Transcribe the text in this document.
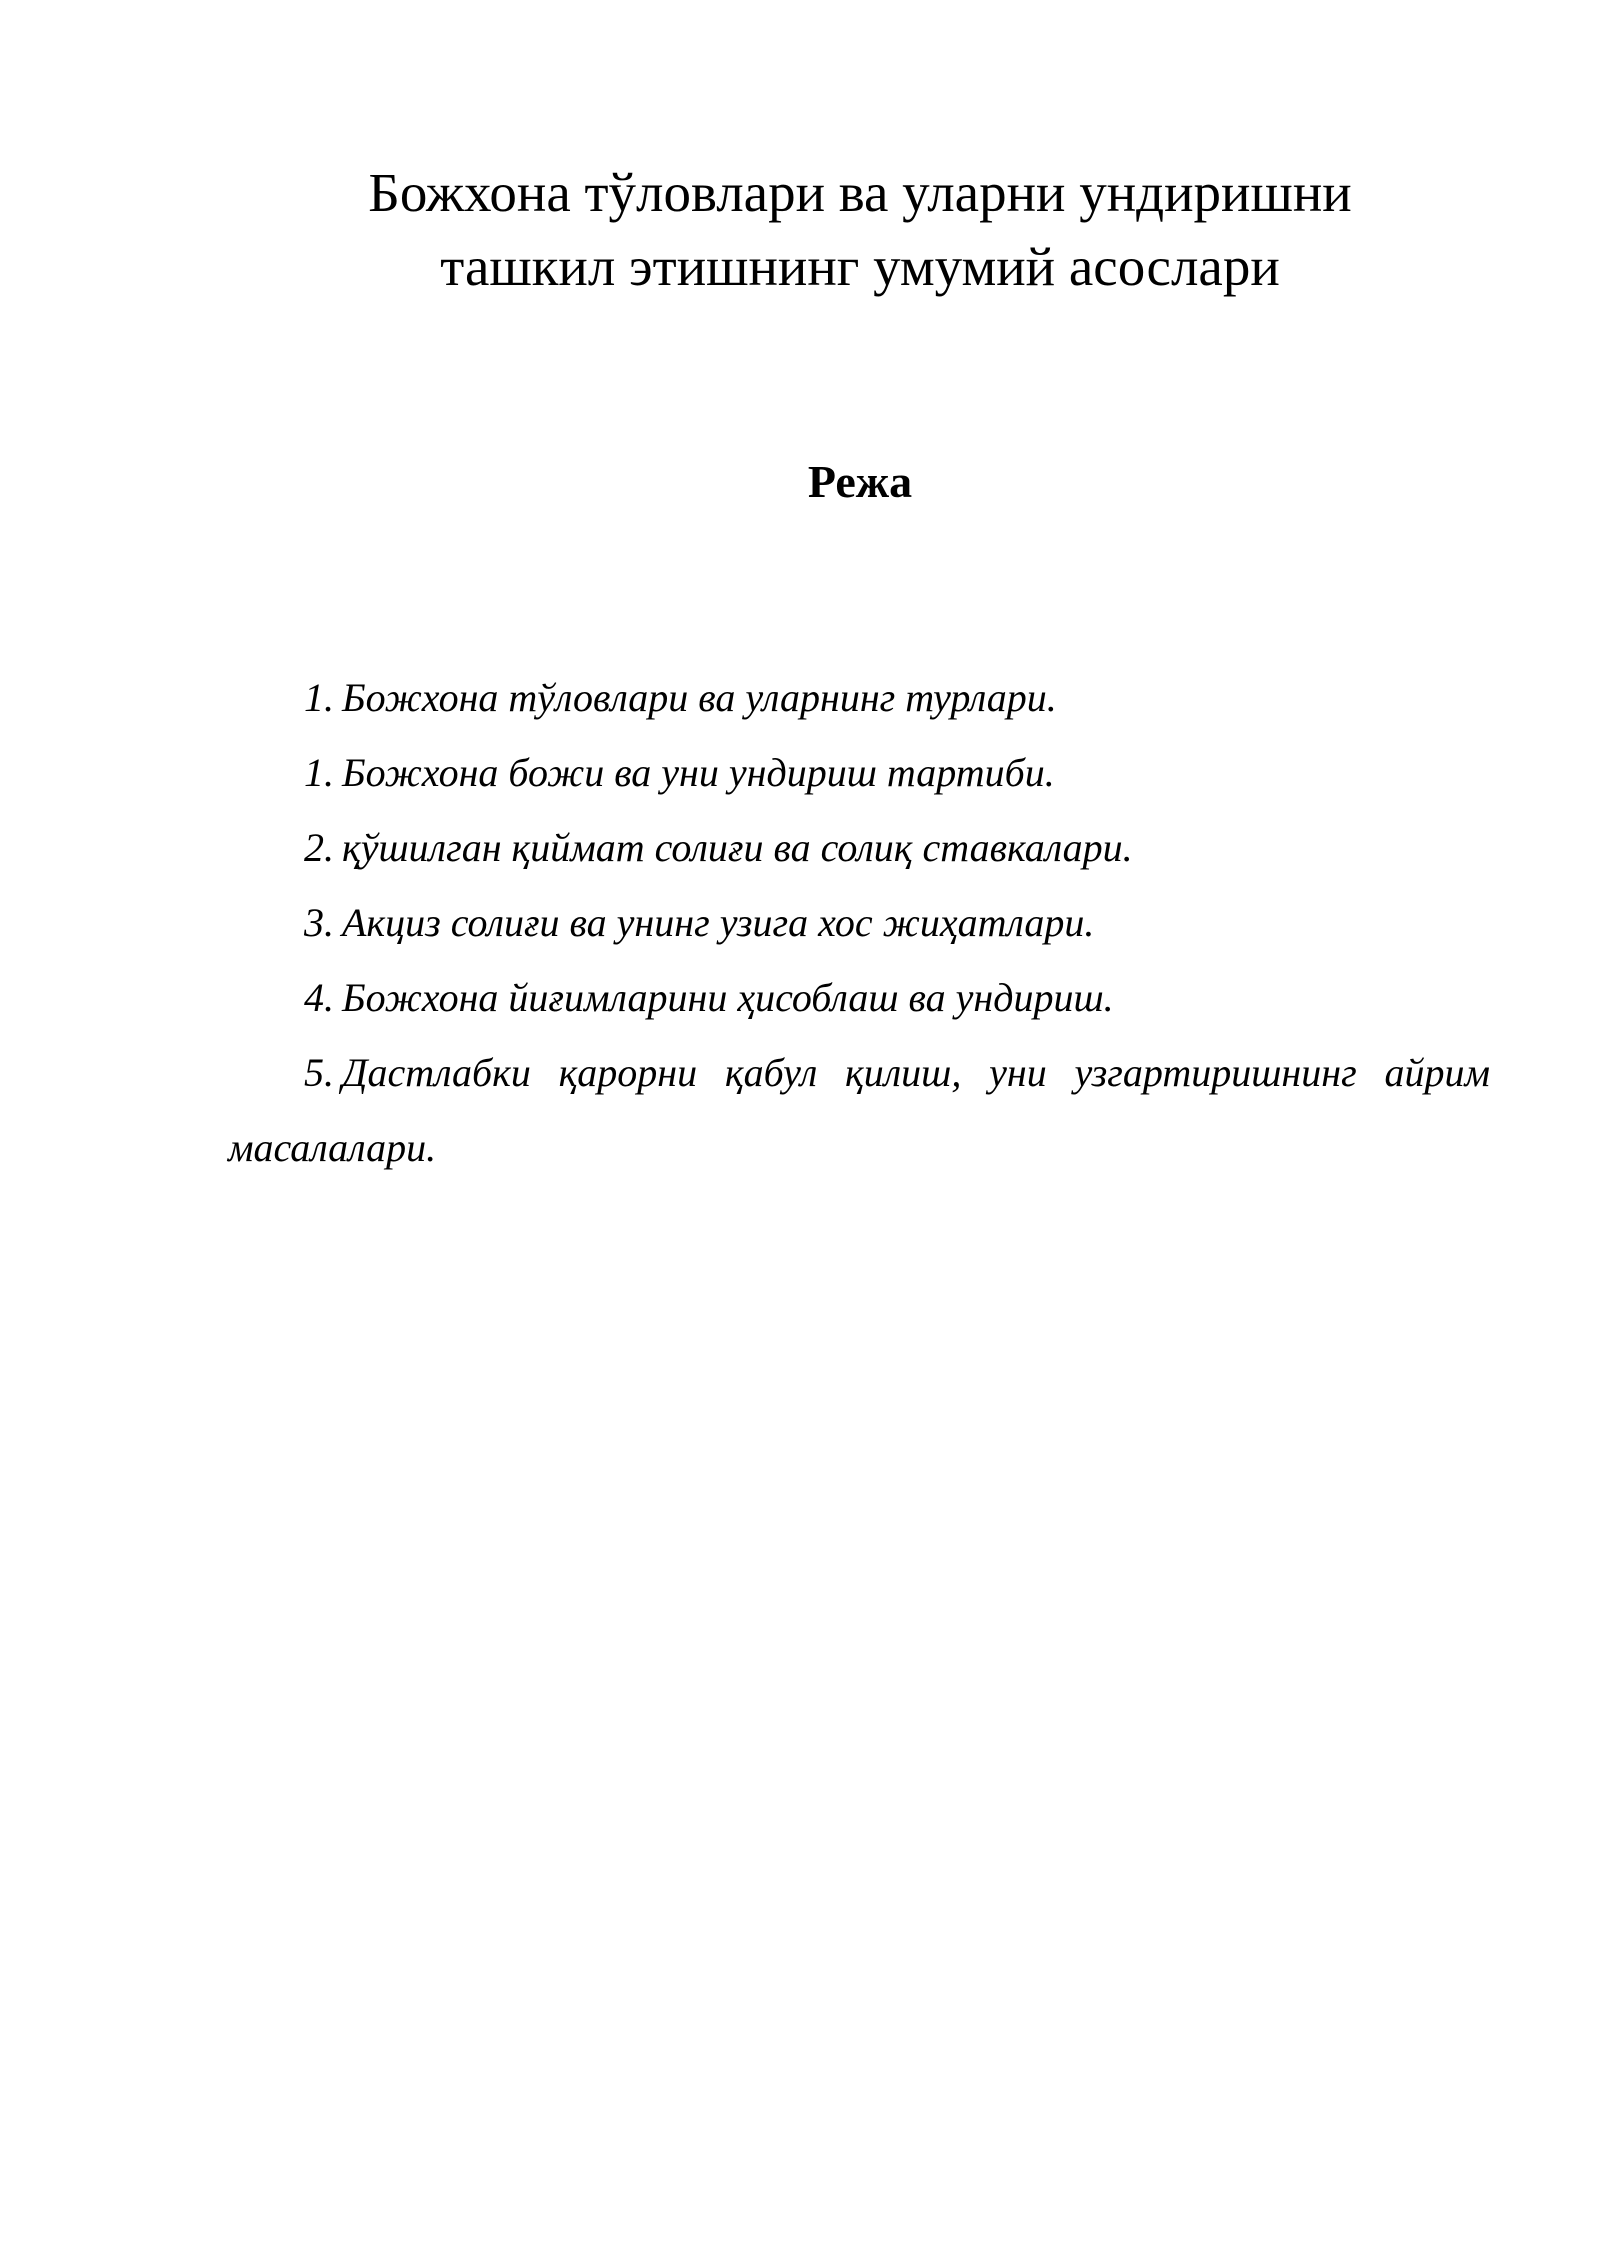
Божхона тўловлари ва уларни ундиришни
ташкил этишнинг умумий асослари
Режа
1. Божхона тўловлари ва уларнинг турлари.
1. Божхона божи ва уни ундириш тартиби.
2. қўшилган қиймат солиғи ва солиқ ставкалари.
3. Акциз солиғи ва унинг узига хос жиҳатлари.
4. Божхона йиғимларини ҳисоблаш ва ундириш.
5. Дастлабки қарорни қабул қилиш, уни узгартиришнинг айрим масалалари.
